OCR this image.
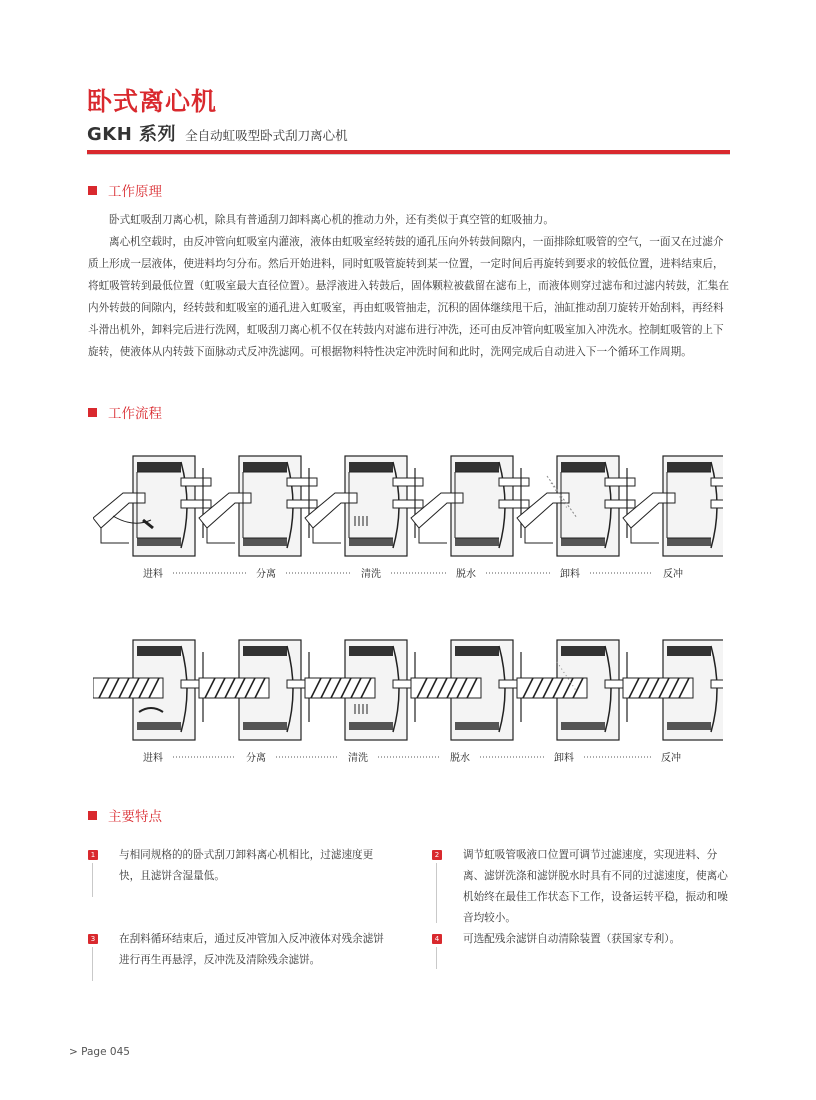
卧式离心机
GKH 系列 全自动虹吸型卧式刮刀离心机
工作原理

卧式虹吸刮刀离心机，除具有普通刮刀卸料离心机的推动力外，还有类似于真空管的虹吸抽力。

离心机空载时，由反冲管向虹吸室内灌液，液体由虹吸室经转鼓的通孔压向外转鼓间隙内，一面排除虹吸管的空气，一面又在过滤介质上形成一层液体，使进料均匀分布。然后开始进料，同时虹吸管旋转到某一位置，一定时间后再旋转到要求的较低位置，进料结束后，将虹吸管转到最低位置（虹吸室最大直径位置）。悬浮液进入转鼓后，固体颗粒被截留在滤布上，而液体则穿过滤布和过滤内转鼓，汇集在内外转鼓的间隙内，经转鼓和虹吸室的通孔进入虹吸室，再由虹吸管抽走，沉积的固体继续甩干后，油缸推动刮刀旋转开始刮料，再经料斗滑出机外，卸料完后进行洗网，虹吸刮刀离心机不仅在转鼓内对滤布进行冲洗，还可由反冲管向虹吸室加入冲洗水。控制虹吸管的上下旋转，使液体从内转鼓下面脉动式反冲洗滤网。可根据物料特性决定冲洗时间和此时，洗网完成后自动进入下一个循环工作周期。

工作流程
进料	分离	清洗	脱水	卸料	反冲
进料	分离	清洗	脱水	卸料	反冲
主要特点
1 与相同规格的的卧式刮刀卸料离心机相比，过滤速度更快，且滤饼含湿量低。
2 调节虹吸管吸液口位置可调节过滤速度，实现进料、分离、滤饼洗涤和滤饼脱水时具有不同的过滤速度，使离心机始终在最佳工作状态下工作，设备运转平稳，振动和噪音均较小。
3 在刮料循环结束后，通过反冲管加入反冲液体对残余滤饼进行再生再悬浮，反冲洗及清除残余滤饼。
4 可选配残余滤饼自动清除装置（获国家专利）。
> Page 045
